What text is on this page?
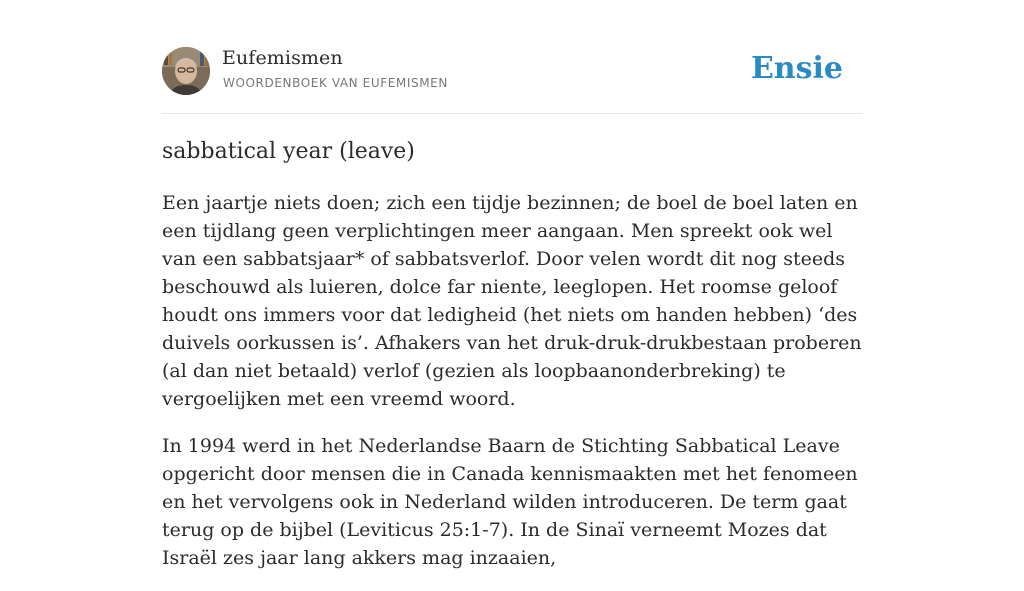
Eufemismen
WOORDENBOEK VAN EUFEMISMEN	Ensie
sabbatical year (leave)

Een jaartje niets doen; zich een tijdje bezinnen; de boel de boel laten en een tijdlang geen verplichtingen meer aangaan. Men spreekt ook wel van een sabbatsjaar* of sabbatsverlof. Door velen wordt dit nog steeds beschouwd als luieren, dolce far niente, leeglopen. Het roomse geloof houdt ons immers voor dat ledigheid (het niets om handen hebben) ‘des duivels oorkussen is’. Afhakers van het druk-druk-drukbestaan proberen (al dan niet betaald) verlof (gezien als loopbaanonderbreking) te vergoelijken met een vreemd woord.

In 1994 werd in het Nederlandse Baarn de Stichting Sabbatical Leave opgericht door mensen die in Canada kennismaakten met het fenomeen en het vervolgens ook in Nederland wilden introduceren. De term gaat terug op de bijbel (Leviticus 25:1-7). In de Sinaï verneemt Mozes dat Israël zes jaar lang akkers mag inzaaien,
